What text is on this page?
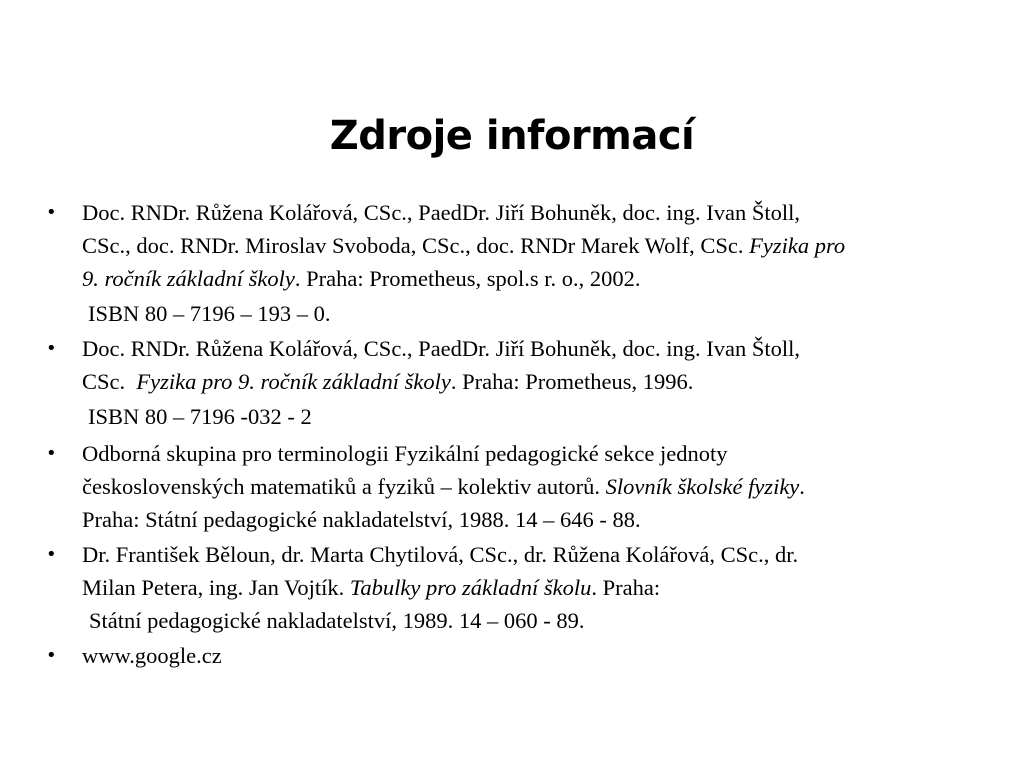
Zdroje informací
•	Doc. RNDr. Růžena Kolářová, CSc., PaedDr. Jiří Bohuněk, doc. ing. Ivan Štoll,
CSc., doc. RNDr. Miroslav Svoboda, CSc., doc. RNDr Marek Wolf, CSc. Fyzika pro
9. ročník základní školy. Praha: Prometheus, spol.s r. o., 2002.
ISBN 80 – 7196 – 193 – 0.
•	Doc. RNDr. Růžena Kolářová, CSc., PaedDr. Jiří Bohuněk, doc. ing. Ivan Štoll,
CSc.  Fyzika pro 9. ročník základní školy. Praha: Prometheus, 1996.
ISBN 80 – 7196 -032 - 2
•	Odborná skupina pro terminologii Fyzikální pedagogické sekce jednoty
československých matematiků a fyziků – kolektiv autorů. Slovník školské fyziky.
Praha: Státní pedagogické nakladatelství, 1988. 14 – 646 - 88.
•	Dr. František Běloun, dr. Marta Chytilová, CSc., dr. Růžena Kolářová, CSc., dr.
Milan Petera, ing. Jan Vojtík. Tabulky pro základní školu. Praha:
Státní pedagogické nakladatelství, 1989. 14 – 060 - 89.
•	www.google.cz
